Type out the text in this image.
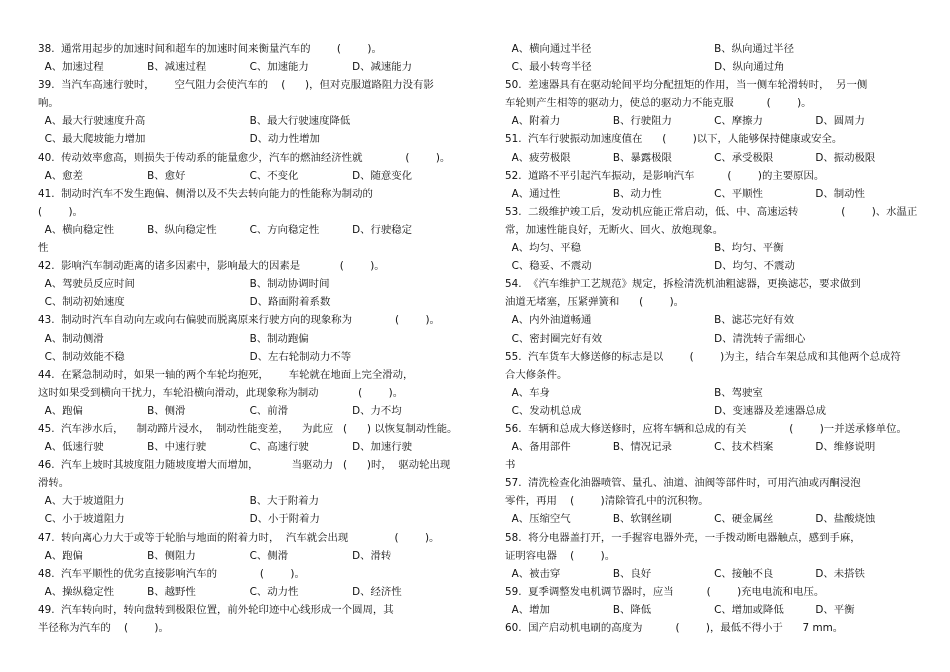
38.  通常用起步的加速时间和超车的加速时间来衡量汽车的        (        )。
A、加速过程	B、减速过程	C、加速能力	D、减速能力
39.  当汽车高速行驶时，      空气阻力会使汽车的    (      )，但对克服道路阻力没有影
响。
A、最大行驶速度升高	B、最大行驶速度降低
C、最大爬坡能力增加	D、动力性增加
40.  传动效率愈高，则损失于传动系的能量愈少，汽车的燃油经济性就             (        )。
A、愈差	B、愈好	C、不变化	D、随意变化
41.  制动时汽车不发生跑偏、侧滑以及不失去转向能力的性能称为制动的
(        )。
A、横向稳定性	B、纵向稳定性	C、方向稳定性	D、行驶稳定
性
42.  影响汽车制动距离的诸多因素中，影响最大的因素是            (        )。
A、驾驶员反应时间	B、制动协调时间
C、制动初始速度	D、路面附着系数
43.  制动时汽车自动向左或向右偏驶而脱离原来行驶方向的现象称为             (        )。
A、制动侧滑	B、制动跑偏
C、制动效能不稳	D、左右轮制动力不等
44.  在紧急制动时，如果一轴的两个车轮均抱死，      车轮就在地面上完全滑动，
这时如果受到横向干扰力，车轮沿横向滑动，此现象称为制动            (        )。
A、跑偏	B、侧滑	C、前滑	D、力不均
45.  汽车涉水后，    制动蹄片浸水，  制动性能变差，    为此应   (      ) 以恢复制动性能。
A、低速行驶	B、中速行驶	C、高速行驶	D、加速行驶
46.  汽车上坡时其坡度阻力随坡度增大而增加，          当驱动力   (      )时，  驱动轮出现
滑转。
A、大于坡道阻力	B、大于附着力
C、小于坡道阻力	D、小于附着力
47.  转向离心力大于或等于轮胎与地面的附着力时，  汽车就会出现              (        )。
A、跑偏	B、侧阻力	C、侧滑	D、滑转
48.  汽车平顺性的优劣直接影响汽车的             (        )。
A、操纵稳定性	B、越野性	C、动力性	D、经济性
49.  汽车转向时，转向盘转到极限位置，前外轮印迹中心线形成一个圆周，其
半径称为汽车的    (        )。
A、横向通过半径	B、纵向通过半径
C、最小转弯半径	D、纵向通过角
50.  差速器具有在驱动轮间平均分配扭矩的作用，当一侧车轮滑转时，  另一侧
车轮则产生相等的驱动力，使总的驱动力不能克服          (        )。
A、附着力	B、行驶阻力	C、摩擦力	D、圆周力
51.  汽车行驶振动加速度值在      (        )以下，人能够保持健康或安全。
A、疲劳极限	B、暴露极限	C、承受极限	D、振动极限
52.  道路不平引起汽车振动，是影响汽车          (        )的主要原因。
A、通过性	B、动力性	C、平顺性	D、制动性
53.  二级维护竣工后，发动机应能正常启动，低、中、高速运转             (        )、水温正
常，加速性能良好，无断火、回火、放炮现象。
A、均匀、平稳	B、均匀、平衡
C、稳妥、不震动	D、均匀、不震动
54.  《汽车维护工艺规范》规定，拆检清洗机油粗滤器，更换滤芯，要求做到
油道无堵塞，压紧弹簧和      (        )。
A、内外油道畅通	B、滤芯完好有效
C、密封圈完好有效	D、清洗转子需细心
55.  汽车货车大修送修的标志是以        (        )为主，结合车架总成和其他两个总成符
合大修条件。
A、车身	B、驾驶室
C、发动机总成	D、变速器及差速器总成
56.  车辆和总成大修送修时，应将车辆和总成的有关             (        )一并送承修单位。
A、备用部件	B、情况记录	C、技术档案	D、维修说明
书
57.  清洗检查化油器喷管、量孔、油道、油阀等部件时，可用汽油或丙酮浸泡
零件，再用    (        )清除管孔中的沉积物。
A、压缩空气	B、软钢丝刷	C、硬金属丝	D、盐酸烧蚀
58.  将分电器盖打开，一手握容电器外壳，一手拨动断电器触点，感到手麻，
证明容电器    (        )。
A、被击穿	B、良好	C、接触不良	D、未搭铁
59.  夏季调整发电机调节器时，应当          (        )充电电流和电压。
A、增加	B、降低	C、增加或降低	D、平衡
60.  国产启动机电刷的高度为          (        )，最低不得小于      7 mm。
